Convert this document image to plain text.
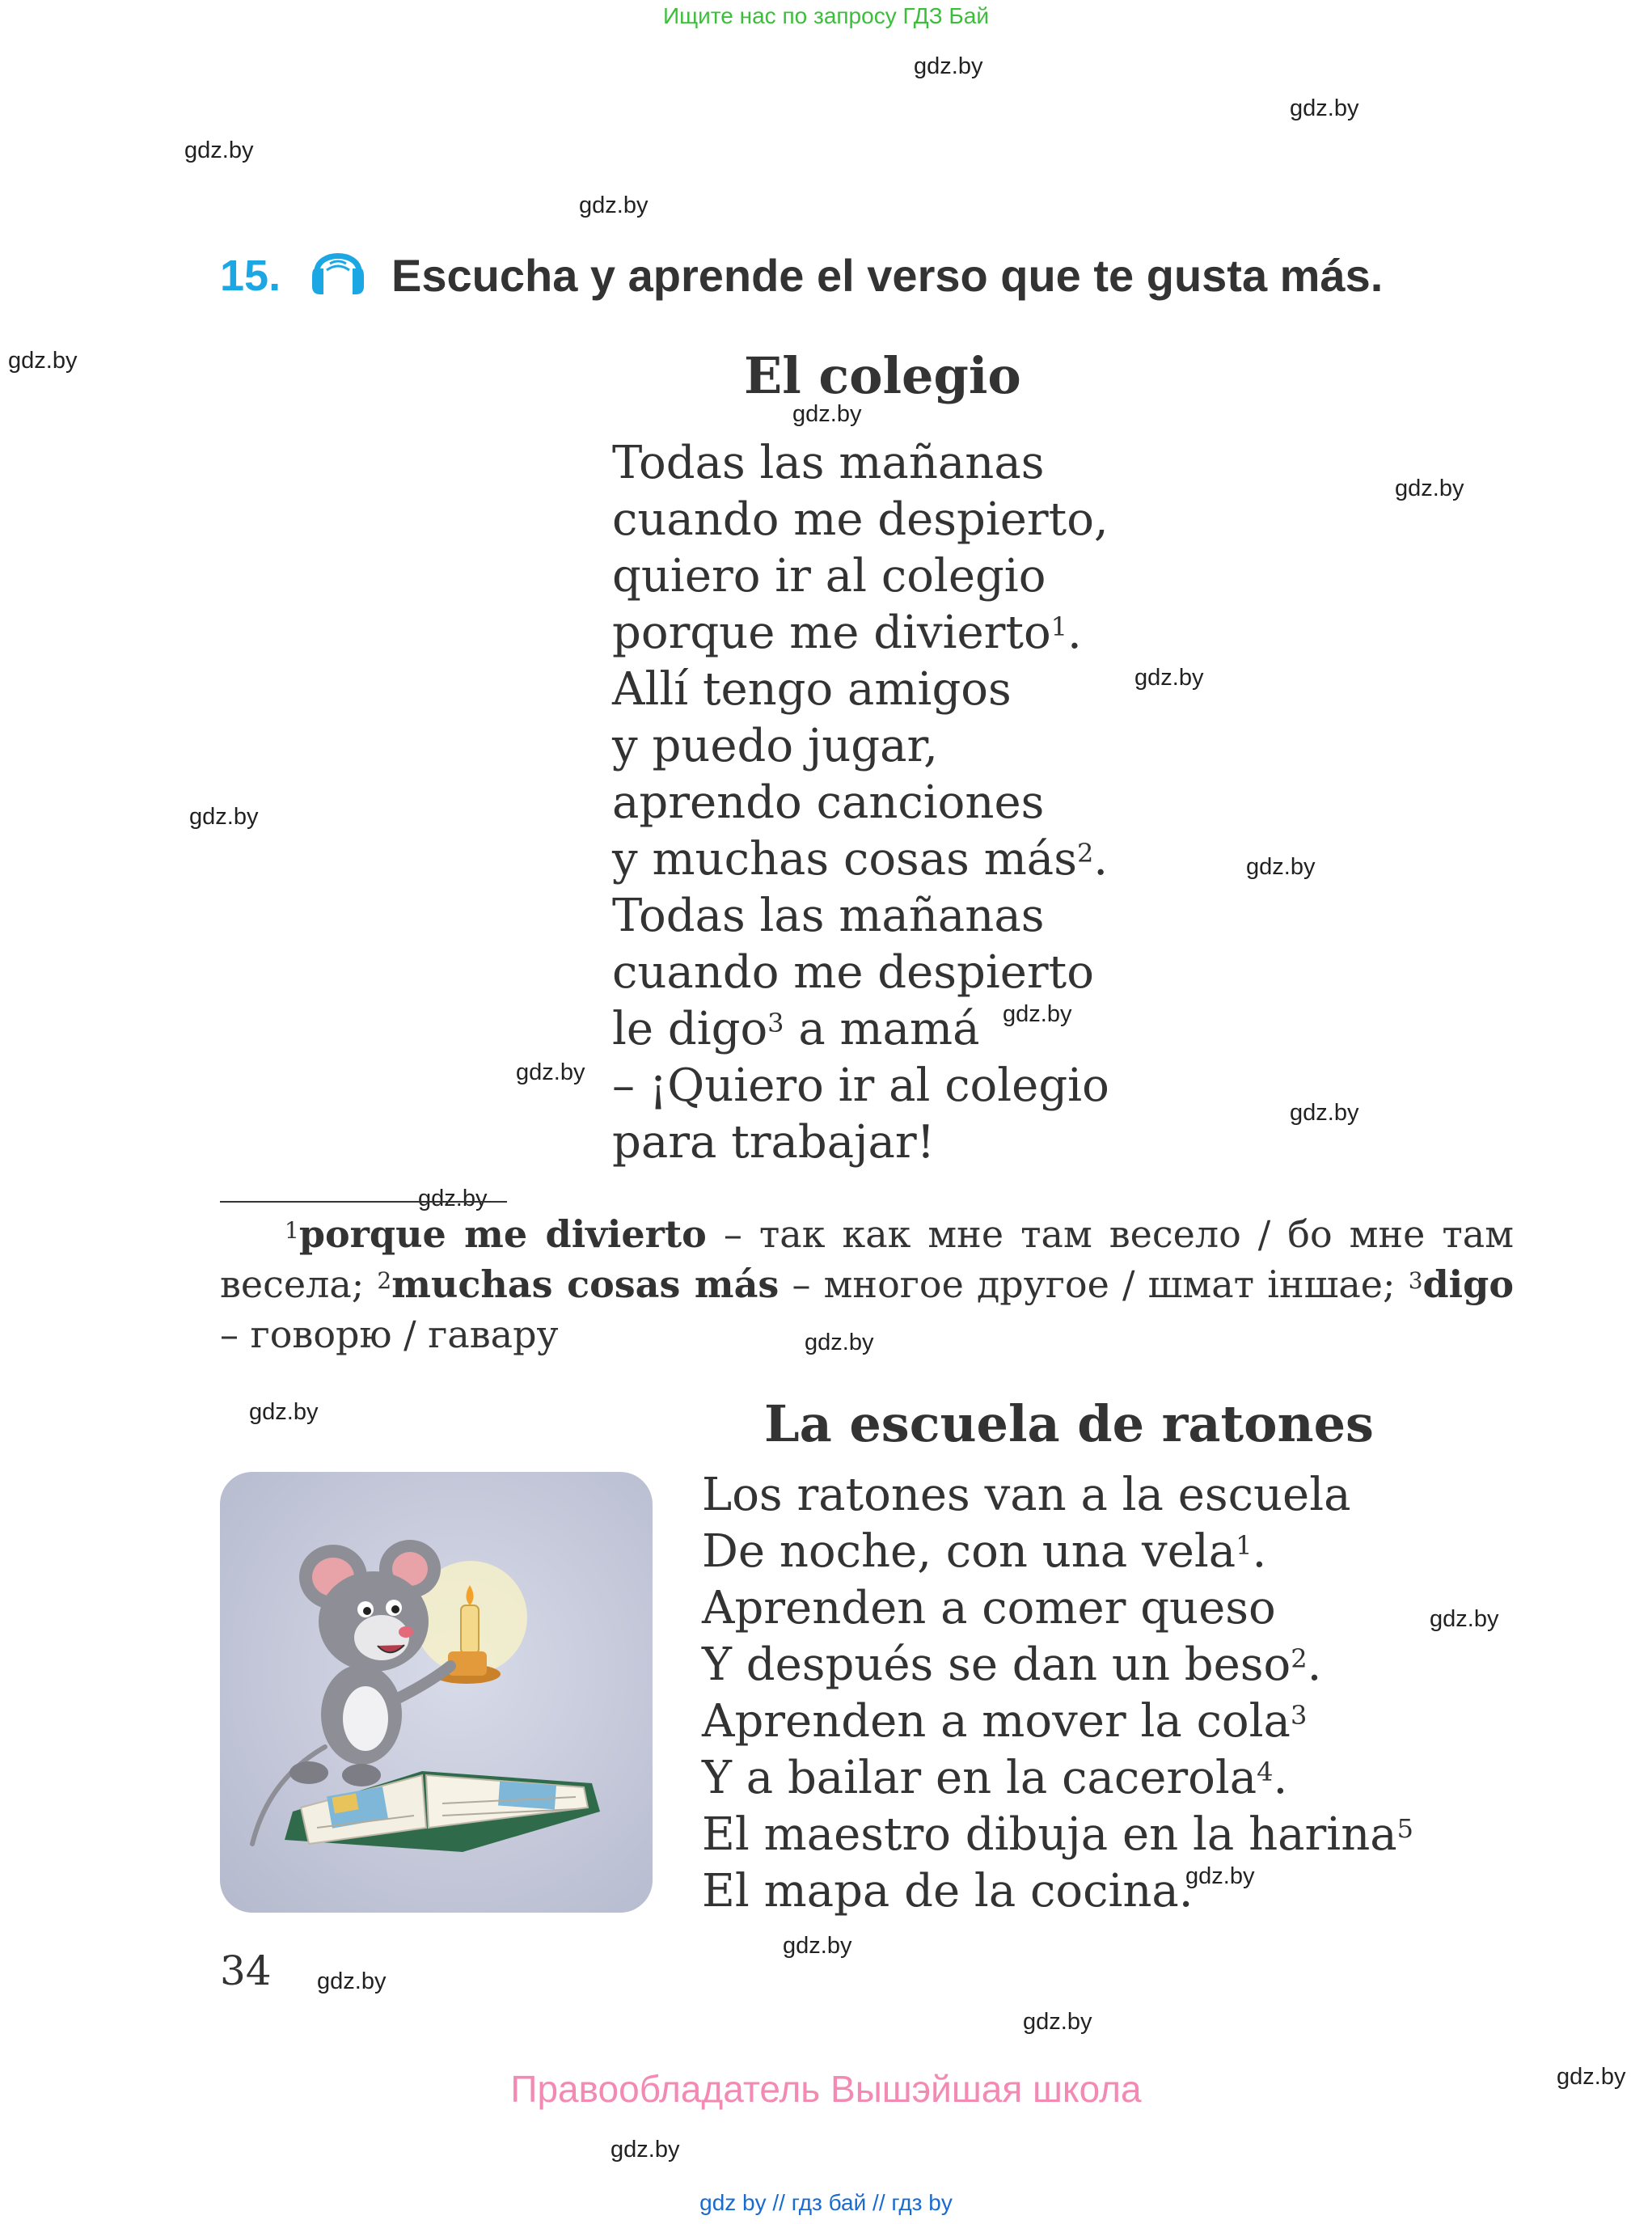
Ищите нас по запросу ГДЗ Бай
gdz.by
gdz.by
gdz.by
gdz.by
gdz.by
gdz.by
gdz.by
gdz.by
gdz.by
gdz.by
gdz.by
gdz.by
gdz.by
gdz.by
gdz.by
gdz.by
gdz.by
gdz.by
gdz.by
gdz.by
gdz.by
gdz.by
gdz.by
15. Escucha y aprende el verso que te gusta más.
El colegio
Todas las mañanas
cuando me despierto,
quiero ir al colegio
porque me divierto$^1$.
Allí tengo amigos
y puedo jugar,
aprendo canciones
y muchas cosas más$^2$.
Todas las mañanas
cuando me despierto
le digo$^3$ a mamá
– ¡Quiero ir al colegio
para trabajar!
$^1$porque me divierto – так как мне там весело / бо мне там весела; $^2$muchas cosas más – многое другое / шмат іншае; $^3$digo – говорю / гавару
La escuela de ratones
Los ratones van a la escuela
De noche, con una vela$^1$.
Aprenden a comer queso
Y después se dan un beso$^2$.
Aprenden a mover la cola$^3$
Y a bailar en la cacerola$^4$.
El maestro dibuja en la harina$^5$
El mapa de la cocina.
34
Правообладатель Вышэйшая школа
gdz by // гдз бай // гдз by
